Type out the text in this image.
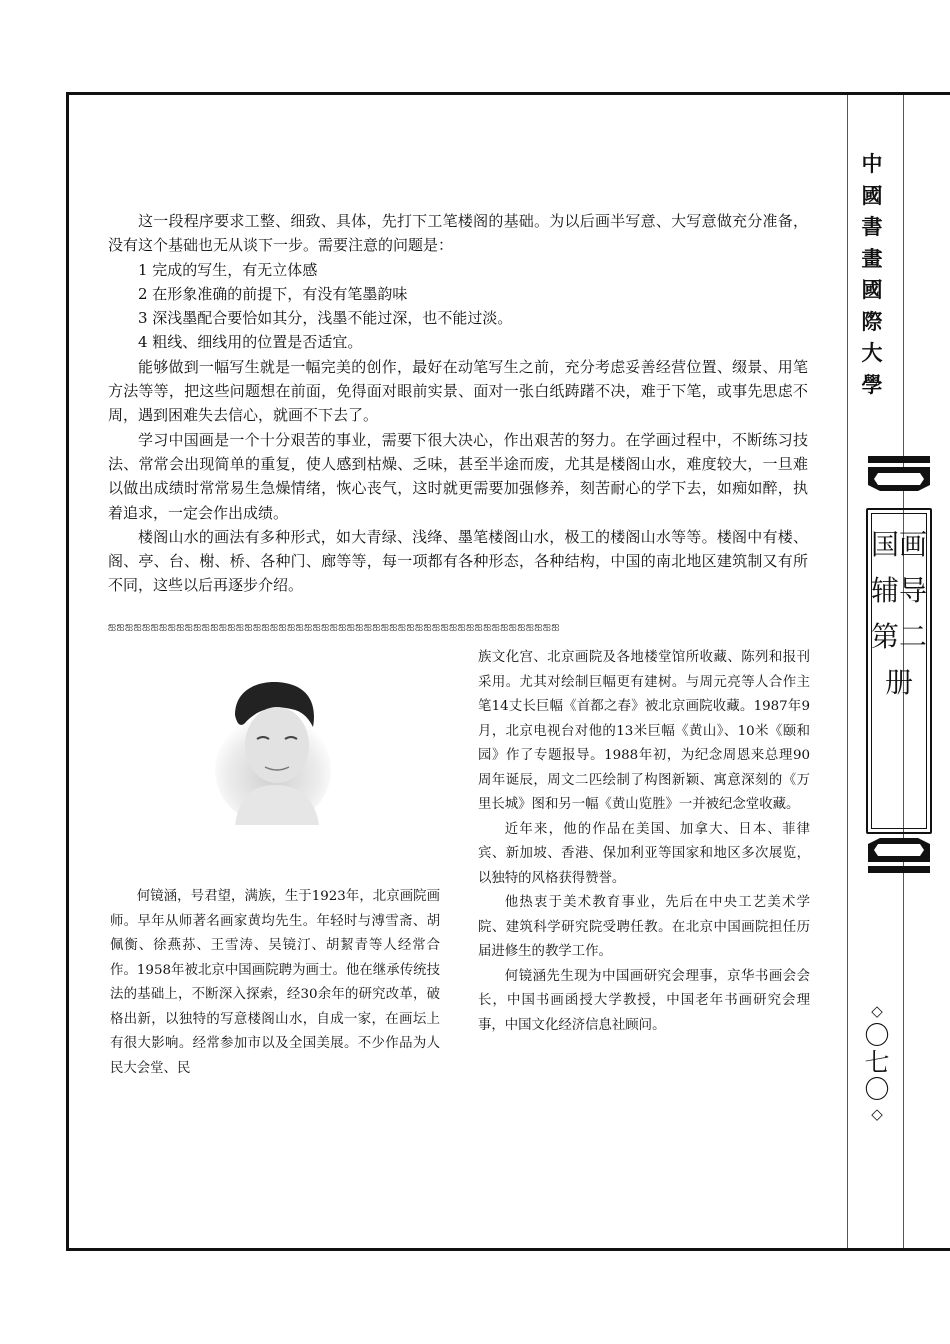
中國書畫國際大學
国画辅导第二册
◇
〇七〇
◇

这一段程序要求工整、细致、具体，先打下工笔楼阁的基础。为以后画半写意、大写意做充分准备，没有这个基础也无从谈下一步。需要注意的问题是：

1 完成的写生，有无立体感

2 在形象准确的前提下，有没有笔墨韵味

3 深浅墨配合要恰如其分，浅墨不能过深，也不能过淡。

4 粗线、细线用的位置是否适宜。

能够做到一幅写生就是一幅完美的创作，最好在动笔写生之前，充分考虑妥善经营位置、缀景、用笔方法等等，把这些问题想在前面，免得面对眼前实景、面对一张白纸踌躇不决，难于下笔，或事先思虑不周，遇到困难失去信心，就画不下去了。

学习中国画是一个十分艰苦的事业，需要下很大决心，作出艰苦的努力。在学画过程中，不断练习技法、常常会出现简单的重复，使人感到枯燥、乏味，甚至半途而废，尤其是楼阁山水，难度较大，一旦难以做出成绩时常常易生急燥情绪，恢心丧气，这时就更需要加强修养，刻苦耐心的学下去，如痴如醉，执着追求，一定会作出成绩。

楼阁山水的画法有多种形式，如大青绿、浅绛、墨笔楼阁山水，极工的楼阁山水等等。楼阁中有楼、阁、亭、台、榭、桥、各种门、廊等等，每一项都有各种形态，各种结构，中国的南北地区建筑制又有所不同，这些以后再逐步介绍。

ஐஐஐஐஐஐஐஐஐஐஐஐஐஐஐஐஐஐஐஐஐஐஐஐஐஐஐஐஐஐஐஐஐஐஐஐஐஐஐஐஐஐஐஐஐஐஐஐஐஐஐஐஐ

何镜涵，号君望，满族，生于1923年，北京画院画师。早年从师著名画家黄均先生。年轻时与溥雪斋、胡佩衡、徐燕荪、王雪涛、吴镜汀、胡絜青等人经常合作。1958年被北京中国画院聘为画士。他在继承传统技法的基础上，不断深入探索，经30余年的研究改革，破格出新，以独特的写意楼阁山水，自成一家，在画坛上有很大影响。经常参加市以及全国美展。不少作品为人民大会堂、民

族文化宫、北京画院及各地楼堂馆所收藏、陈列和报刊采用。尤其对绘制巨幅更有建树。与周元亮等人合作主笔14丈长巨幅《首都之春》被北京画院收藏。1987年9月，北京电视台对他的13米巨幅《黄山》、10米《颐和园》作了专题报导。1988年初，为纪念周恩来总理90周年诞辰，周文二匹绘制了构图新颖、寓意深刻的《万里长城》图和另一幅《黄山览胜》一并被纪念堂收藏。

近年来，他的作品在美国、加拿大、日本、菲律宾、新加坡、香港、保加利亚等国家和地区多次展览，以独特的风格获得赞誉。

他热衷于美术教育事业，先后在中央工艺美术学院、建筑科学研究院受聘任教。在北京中国画院担任历届进修生的教学工作。

何镜涵先生现为中国画研究会理事，京华书画会会长，中国书画函授大学教授，中国老年书画研究会理事，中国文化经济信息社顾问。
